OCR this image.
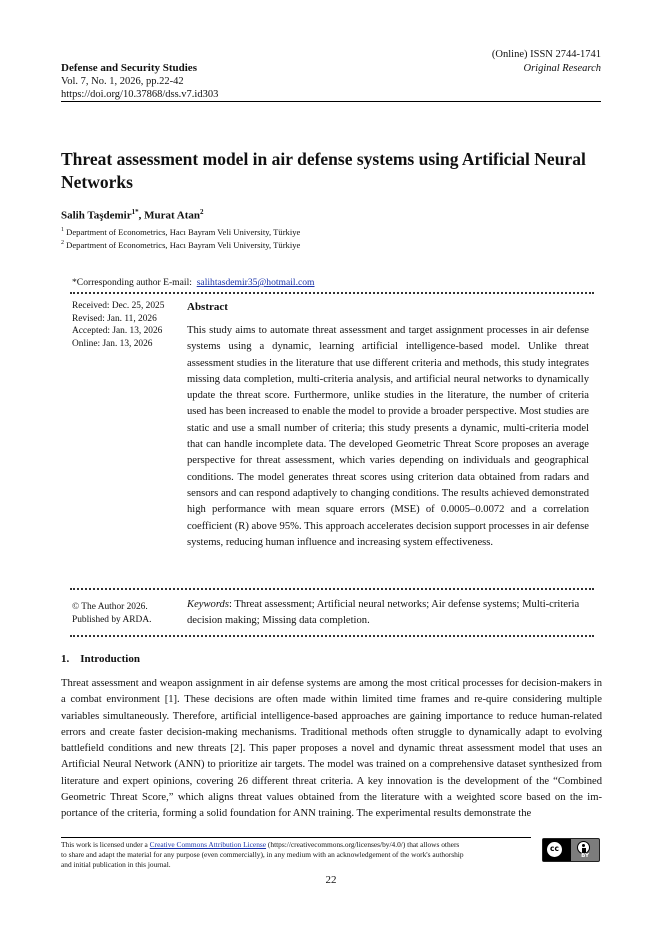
(Online) ISSN 2744-1741
Defense and Security Studies	Original Research
Vol. 7, No. 1, 2026, pp.22-42
https://doi.org/10.37868/dss.v7.id303
Threat assessment model in air defense systems using Artificial Neural Networks
Salih Taşdemir$^{1*}$, Murat Atan$^2$
$^1$ Department of Econometrics, Hacı Bayram Veli University, Türkiye
$^2$ Department of Econometrics, Hacı Bayram Veli University, Türkiye
*Corresponding author E-mail: salihtasdemir35@hotmail.com
Received: Dec. 25, 2025
Revised: Jan. 11, 2026
Accepted: Jan. 13, 2026
Online: Jan. 13, 2026
Abstract
This study aims to automate threat assessment and target assignment processes in air defense systems using a dynamic, learning artificial intelligence-based model. Unlike threat assessment studies in the literature that use different criteria and methods, this study integrates missing data completion, multi-criteria analysis, and artificial neural networks to dynamically update the threat score. Furthermore, unlike studies in the literature, the number of criteria used has been increased to enable the model to provide a broader perspective. Most studies are static and use a small number of criteria; this study presents a dynamic, multi-criteria model that can handle incomplete data. The developed Geometric Threat Score proposes an average perspective for threat assessment, which varies depending on individuals and geographical conditions. The model generates threat scores using criterion data obtained from radars and sensors and can respond adaptively to changing conditions. The results achieved demonstrated high performance with mean square errors (MSE) of 0.0005–0.0072 and a correlation coefficient (R) above 95%. This approach accelerates decision support processes in air defense systems, reducing human influence and increasing system effectiveness.
© The Author 2026.
Published by ARDA.
Keywords: Threat assessment; Artificial neural networks; Air defense systems; Multi-criteria decision making; Missing data completion.
1. Introduction
Threat assessment and weapon assignment in air defense systems are among the most critical processes for decision-makers in a combat environment [1]. These decisions are often made within limited time frames and re-quire considering multiple variables simultaneously. Therefore, artificial intelligence-based approaches are gaining importance to reduce human-related errors and create faster decision-making mechanisms. Traditional methods often struggle to dynamically adapt to evolving battlefield conditions and new threats [2]. This paper proposes a novel and dynamic threat assessment model that uses an Artificial Neural Network (ANN) to prioritize air targets. The model was trained on a comprehensive dataset synthesized from literature and expert opinions, covering 26 different threat criteria. A key innovation is the development of the “Combined Geometric Threat Score,” which aligns threat values obtained from the literature with a weighted score based on the im-portance of the criteria, forming a solid foundation for ANN training. The experimental results demonstrate the
This work is licensed under a Creative Commons Attribution License (https://creativecommons.org/licenses/by/4.0/) that allows others
to share and adapt the material for any purpose (even commercially), in any medium with an acknowledgement of the work's authorship
and initial publication in this journal.
cc
BY
22
